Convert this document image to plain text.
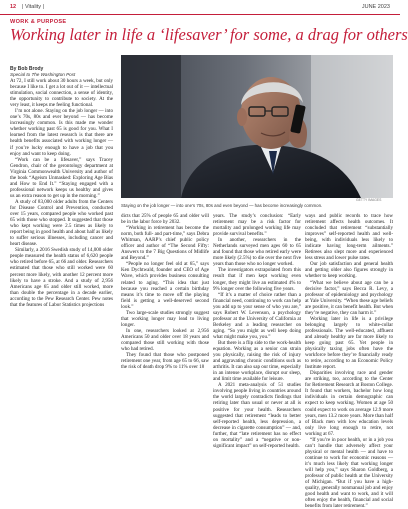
12 | Vitality |	JUNE 2023
WORK & PURPOSE
Working later in life a ‘lifesaver’ for some, a drag for others
By Bob Brody
Special to The Washington Post
GETTY IMAGES
Staying on the job longer — into one’s 70s, 80s and even beyond — has become increasingly common.

At 72, I still work about 30 hours a week, but only because I like to. I get a lot out of it — intellectual stimulation, social connection, a sense of identity, the opportunity to contribute to society. At the very least, it keeps me feeling functional.

I’m not alone. Staying on the job longer — into one’s 70s, 80s and ever beyond — has become increasingly common. Is this made me wonder whether working past 65 is good for you. What I learned from the latest research is that there are health benefits associated with working longer — if you’re lucky enough to have a job that you enjoy and want to keep doing.

“Work can be a lifesaver,” says Tracey Gendron, chair of the gerontology department at Virginia Commonwealth University and author of the book “Ageism Unmasked: Exploring Age Bias and How to End It.” “Staying engaged with a professional network keeps us healthy and gives us an extra reason to get up in the morning.”

A study of 83,000 older adults from the Centers for Disease Control and Prevention, conducted over 15 years, compared people who worked past 65 with those who stopped. It suggested that those who kept working were 2.5 times as likely to report being in good health and about half as likely to suffer serious illnesses, including cancer and heart disease.

Similarly, a 2016 Swedish study of 14,000 older people measured the health status of 6,620 people who retired before 65, at 66 and older. Researchers estimated that those who still worked were 60 percent more likely, with another 12 percent more likely to have a stroke. And a study of 2,956 Americans age 65 and older still worked, more than double the percentage in a decade earlier, according to the Pew Research Center. Pew notes that the features of Labor Statistics projections

dicts that 25% of people 65 and older will be in the labor force by 2032.

“Working in retirement has become the norm, both full- and part-time,” says Debra Whitman, AARP’s chief public policy officer and author of “The Second Fifty: Answers to the 7 Big Questions of Midlife and Beyond.”

“People no longer feel old at 65,” says Ken Dychtwald, founder and CEO of Age Wave, which provides business consulting related to aging. “This idea that just because you reached a certain birthday means it’s time to move off the playing field is getting a well-deserved second look.”

Two large-scale studies strongly suggest that working longer may lead to living longer.

In one, researchers looked at 2,956 Americans 50 and older over 18 years and compared those still working with those who had retired.

They found that those who postponed retirement one year, from age 65 to 66, saw the risk of death drop 9% to 11% over 18

years. The study’s conclusion: “Early retirement may be a risk factor for mortality and prolonged working life may provide survival benefits.”

In another, researchers in the Netherlands surveyed men ages 60 to 65 and found that those who retired early were more likely (2.5%) to die over the next five years than those who no longer worked.

The investigators extrapolated from this result that if men kept working even longer, they might live an estimated 4% to 9% longer over the following five years.

“If it’s a matter of choice rather than a financial need, continuing to work can help you add up to your sense of who you are,” says Robert W. Levenson, a psychology professor at the University of California at Berkeley and a leading researcher on aging. “So you might as well keep doing what might make you, you.”

But there is a flip side to the work-health equation. Working as a senior can strain you physically, raising the risk of injury and aggravating chronic conditions such as arthritis. It can also sap our time, especially in an intense workplace, disrupt our sleep, and limit time available for leisure.

A 2021 meta-analysis of 51 studies involving people living in countries around the world largely contradicts findings that retiring later than usual or never at all is positive for your health. Researchers suggested that retirement “leads to better self-reported health, less depression, a decrease in cigarette consumption” — and, further, that “late retirement has no effect on mortality” and a “negative or non-significant impact” on self-reported health.

ways and public records to trace how retirement affects health outcomes. It concluded that retirement “substantially improves” self-reported health and well-being, with individuals less likely to indicate having long-term ailments.” Retirees also slept more and experienced less stress and lower pulse rates.

Our job satisfaction and general health and getting older also figures strongly in whether to keep working.

“What we believe about age can be a decisive factor,” says Becca R. Levy, a professor of epidemiology and psychology at Yale University. “When these age beliefs are positive, it can benefit health. But when they’re negative, they can harm it.”

Working later in life is a privilege belonging largely to white-collar professionals. The well-educated, affluent and already healthy are far more likely to keep going past 65. Yet people in physically taxing jobs often have the workforce before they’re financially ready to retire, according to an Economic Policy Institute report.

Disparities involving race and gender are striking, too, according to the Center for Retirement Research at Boston College. It found that workers, bachelor how long individuals in certain demographic can expect to keep working. Women at age 50 could expect to work on average 12.9 more years, men 13.2 more years. More than half of Black men with low education levels only live long enough to retire, not working at 67.

“If you’re in poor health, or in a job you can’t handle that adversely affect your physical or mental health — and have to continue to work for economic reasons — it’s much less likely that working longer will help you,” says Sharon Goldberg, a professor of public health at the University of Michigan. “But if you have a high-quality, generally nonmanual job and enjoy good health and want to work, and it will often enjoy the health, financial and social benefits from later retirement.”
